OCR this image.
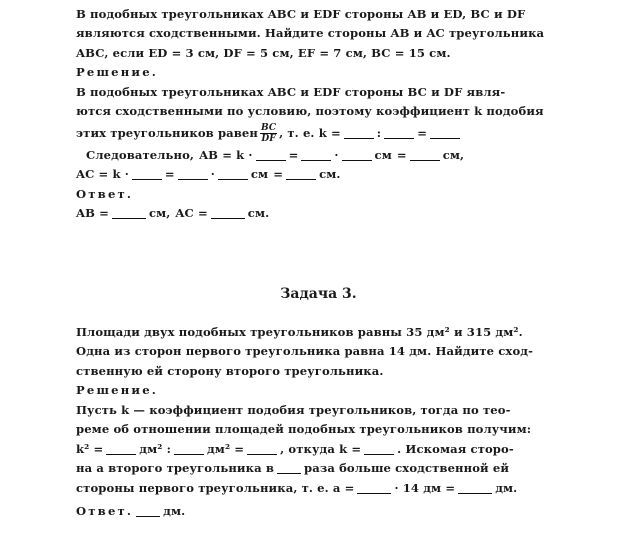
В подобных треугольниках ABC и EDF стороны AB и ED, BC и DF
являются сходственными. Найдите стороны AB и AC треугольника
ABC, если ED = 3 см, DF = 5 см, EF = 7 см, BC = 15 см.
Решение.
В подобных треугольниках ABC и EDF стороны BC и DF явля-
ются сходственными по условию, поэтому коэффициент k подобия
этих треугольников равен $\frac{BC}{DF}$ , т. е. k =	:	=
Следовательно, AB = k ·	=	·	см =	см,
AC = k ·	=	·	см =	см.
Ответ.
AB =	см, AC =	см.
Задача 3.
Площади двух подобных треугольников равны 35 дм² и 315 дм².
Одна из сторон первого треугольника равна 14 дм. Найдите сход-
ственную ей сторону второго треугольника.
Решение.
Пусть k — коэффициент подобия треугольников, тогда по тео-
реме об отношении площадей подобных треугольников получим:
k² =	дм² :	дм² =	, откуда k =	. Искомая сторо-
на a второго треугольника в	раза больше сходственной ей
стороны первого треугольника, т. е. a =	· 14 дм =	дм.
Ответ.	дм.
